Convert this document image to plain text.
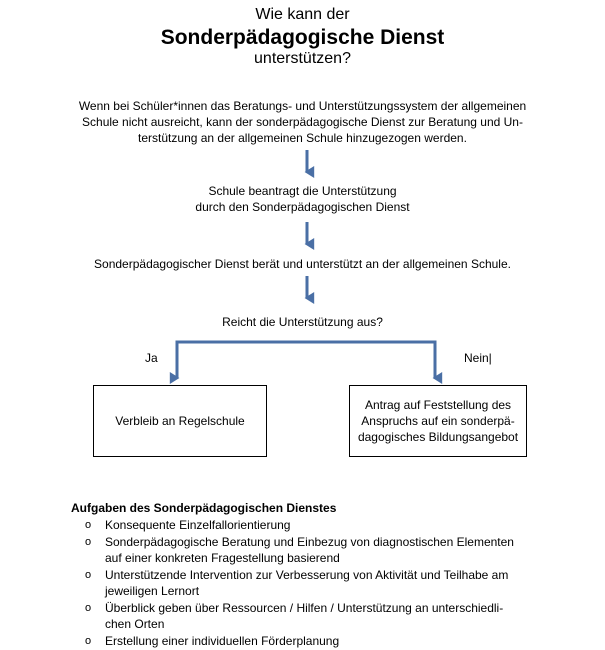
Wie kann der
Sonderpädagogische Dienst
unterstützen?
Wenn bei Schüler*innen das Beratungs- und Unterstützungssystem der allgemeinen
Schule nicht ausreicht, kann der sonderpädagogische Dienst zur Beratung und Un-
terstützung an der allgemeinen Schule hinzugezogen werden.
Schule beantragt die Unterstützung
durch den Sonderpädagogischen Dienst
Sonderpädagogischer Dienst berät und unterstützt an der allgemeinen Schule.
Reicht die Unterstützung aus?
Ja	Nein|
Verbleib an Regelschule
Antrag auf Feststellung des
Anspruchs auf ein sonderpä-
dagogisches Bildungsangebot
Aufgaben des Sonderpädagogischen Dienstes
o Konsequente Einzelfallorientierung
o Sonderpädagogische Beratung und Einbezug von diagnostischen Elementen
auf einer konkreten Fragestellung basierend
o Unterstützende Intervention zur Verbesserung von Aktivität und Teilhabe am
jeweiligen Lernort
o Überblick geben über Ressourcen / Hilfen / Unterstützung an unterschiedli-
chen Orten
o Erstellung einer individuellen Förderplanung
